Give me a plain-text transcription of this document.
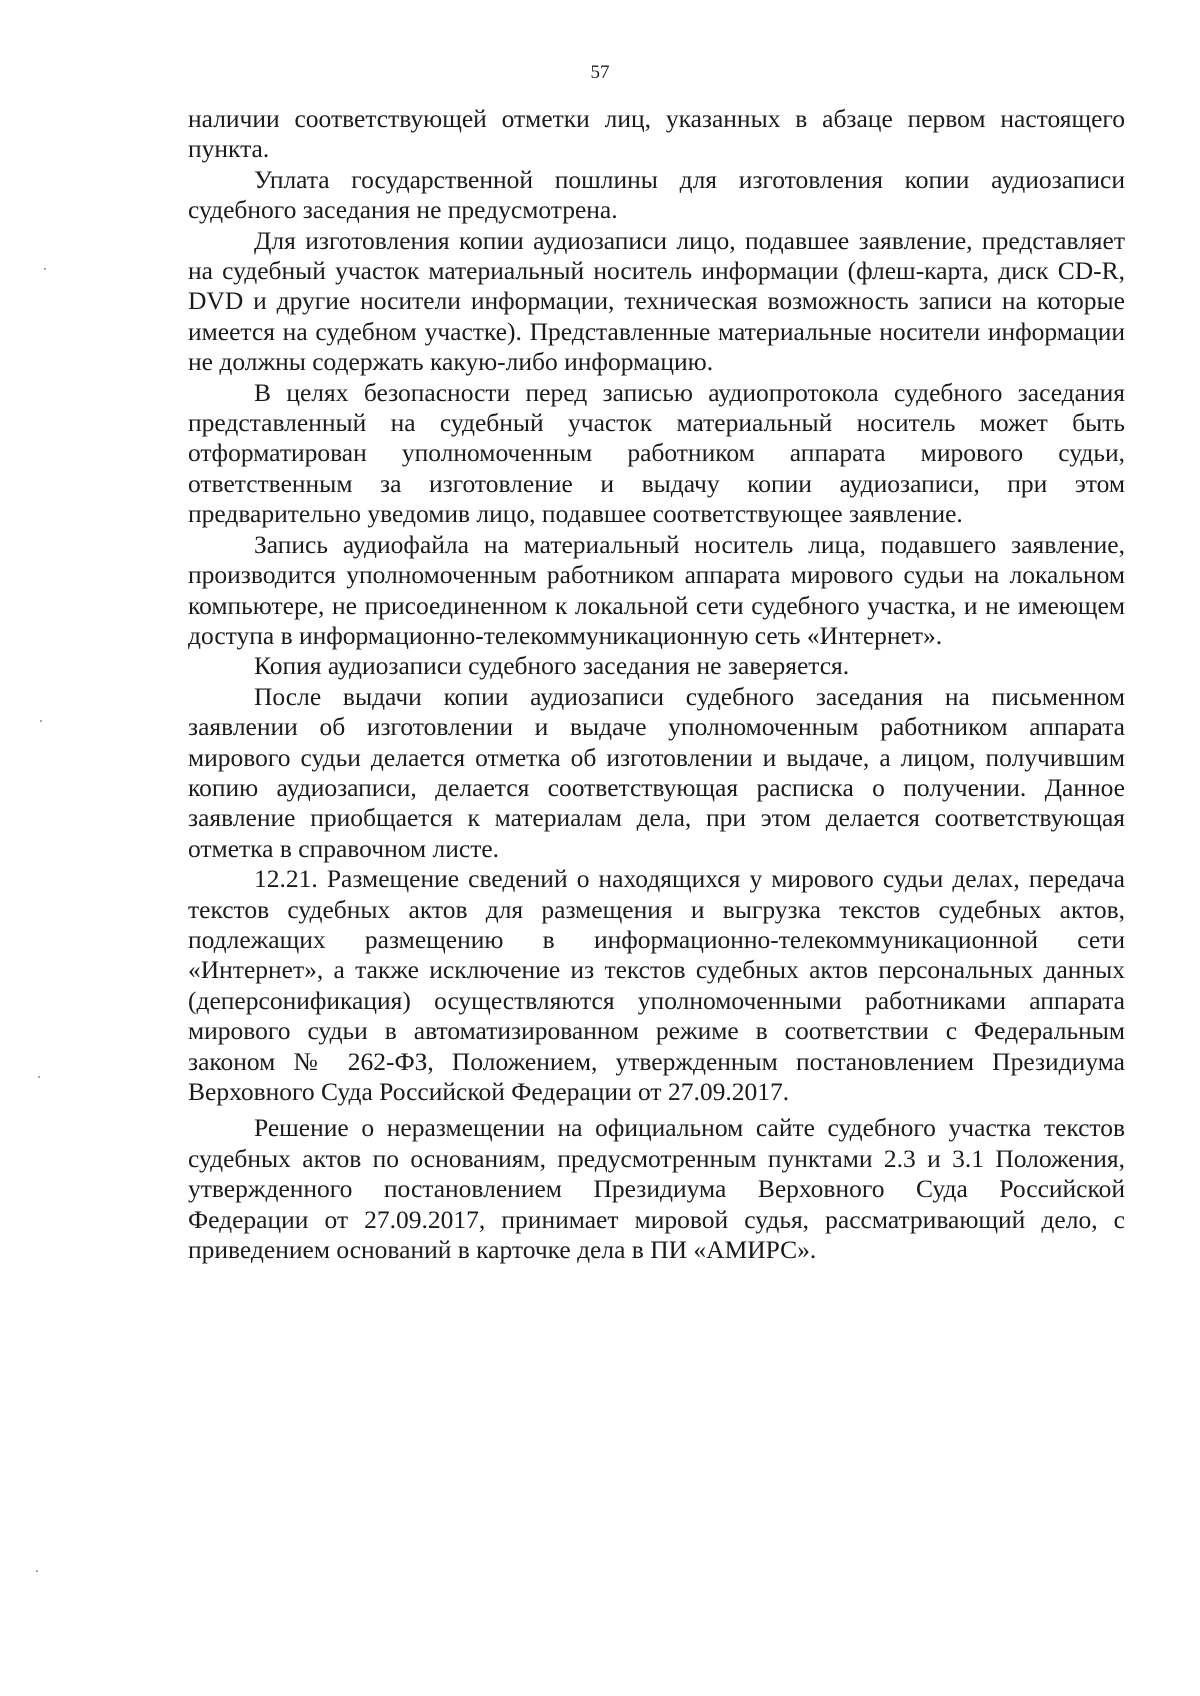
57

наличии соответствующей отметки лиц, указанных в абзаце первом настоящего пункта.

Уплата государственной пошлины для изготовления копии аудиозаписи судебного заседания не предусмотрена.

Для изготовления копии аудиозаписи лицо, подавшее заявление, представляет на судебный участок материальный носитель информации (флеш-карта, диск CD-R, DVD и другие носители информации, техническая возможность записи на которые имеется на судебном участке). Представленные материальные носители информации не должны содержать какую-либо информацию.

В целях безопасности перед записью аудиопротокола судебного заседания представленный на судебный участок материальный носитель может быть отформатирован уполномоченным работником аппарата мирового судьи, ответственным за изготовление и выдачу копии аудиозаписи, при этом предварительно уведомив лицо, подавшее соответствующее заявление.

Запись аудиофайла на материальный носитель лица, подавшего заявление, производится уполномоченным работником аппарата мирового судьи на локальном компьютере, не присоединенном к локальной сети судебного участка, и не имеющем доступа в информационно-телекоммуникационную сеть «Интернет».

Копия аудиозаписи судебного заседания не заверяется.

После выдачи копии аудиозаписи судебного заседания на письменном заявлении об изготовлении и выдаче уполномоченным работником аппарата мирового судьи делается отметка об изготовлении и выдаче, а лицом, получившим копию аудиозаписи, делается соответствующая расписка о получении. Данное заявление приобщается к материалам дела, при этом делается соответствующая отметка в справочном листе.

12.21. Размещение сведений о находящихся у мирового судьи делах, передача текстов судебных актов для размещения и выгрузка текстов судебных актов, подлежащих размещению в информационно-телекоммуникационной сети «Интернет», а также исключение из текстов судебных актов персональных данных (деперсонификация) осуществляются уполномоченными работниками аппарата мирового судьи в автоматизированном режиме в соответствии с Федеральным законом № 262-ФЗ, Положением, утвержденным постановлением Президиума Верховного Суда Российской Федерации от 27.09.2017.

Решение о неразмещении на официальном сайте судебного участка текстов судебных актов по основаниям, предусмотренным пунктами 2.3 и 3.1 Положения, утвержденного постановлением Президиума Верховного Суда Российской Федерации от 27.09.2017, принимает мировой судья, рассматривающий дело, с приведением оснований в карточке дела в ПИ «АМИРС».
